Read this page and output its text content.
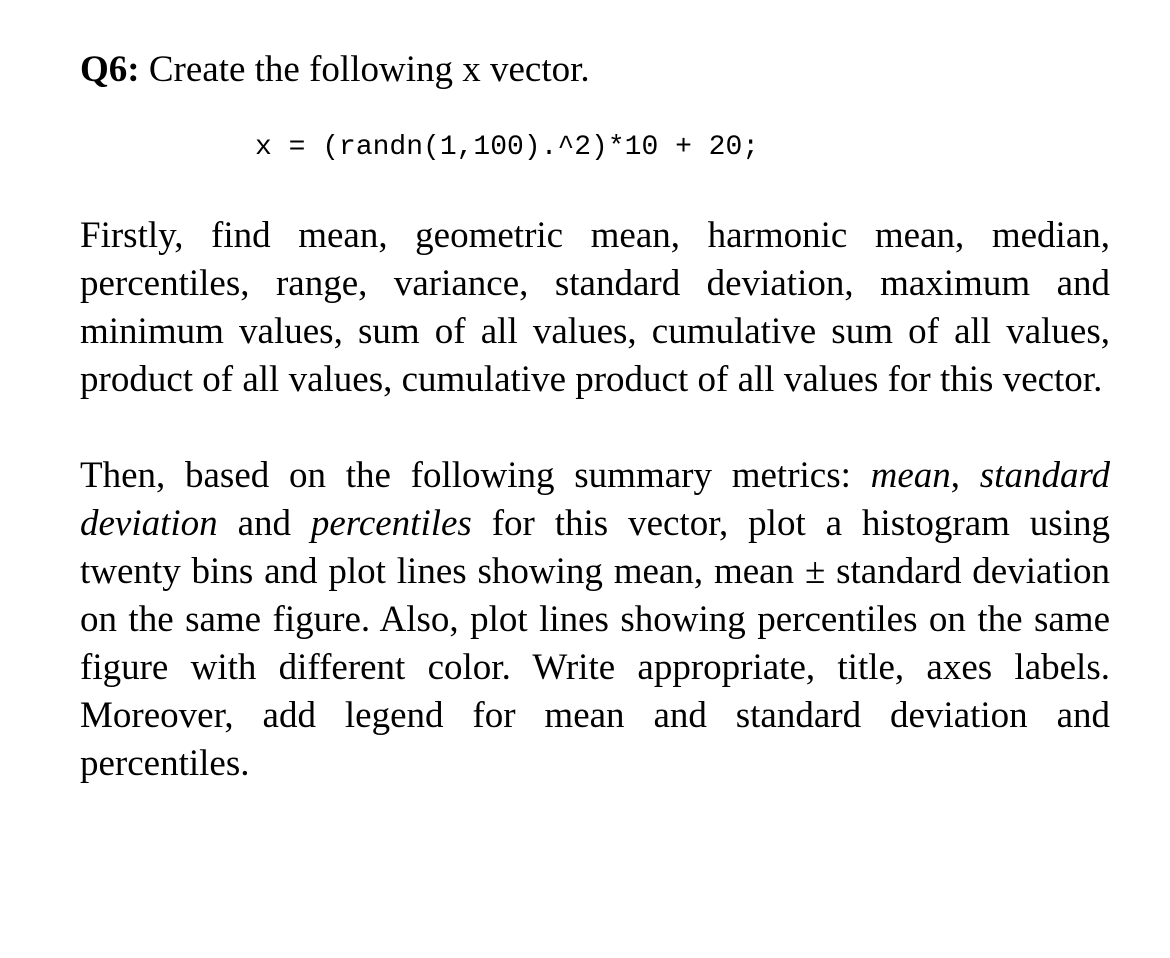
Q6: Create the following x vector.

x = (randn(1,100).^2)*10 + 20;

Firstly, find mean, geometric mean, harmonic mean, median, percentiles, range, variance, standard deviation, maximum and minimum values, sum of all values, cumulative sum of all values, product of all values, cumulative product of all values for this vector.

Then, based on the following summary metrics: mean, standard deviation and percentiles for this vector, plot a histogram using twenty bins and plot lines showing mean, mean ± standard deviation on the same figure. Also, plot lines showing percentiles on the same figure with different color. Write appropriate, title, axes labels. Moreover, add legend for mean and standard deviation and percentiles.
